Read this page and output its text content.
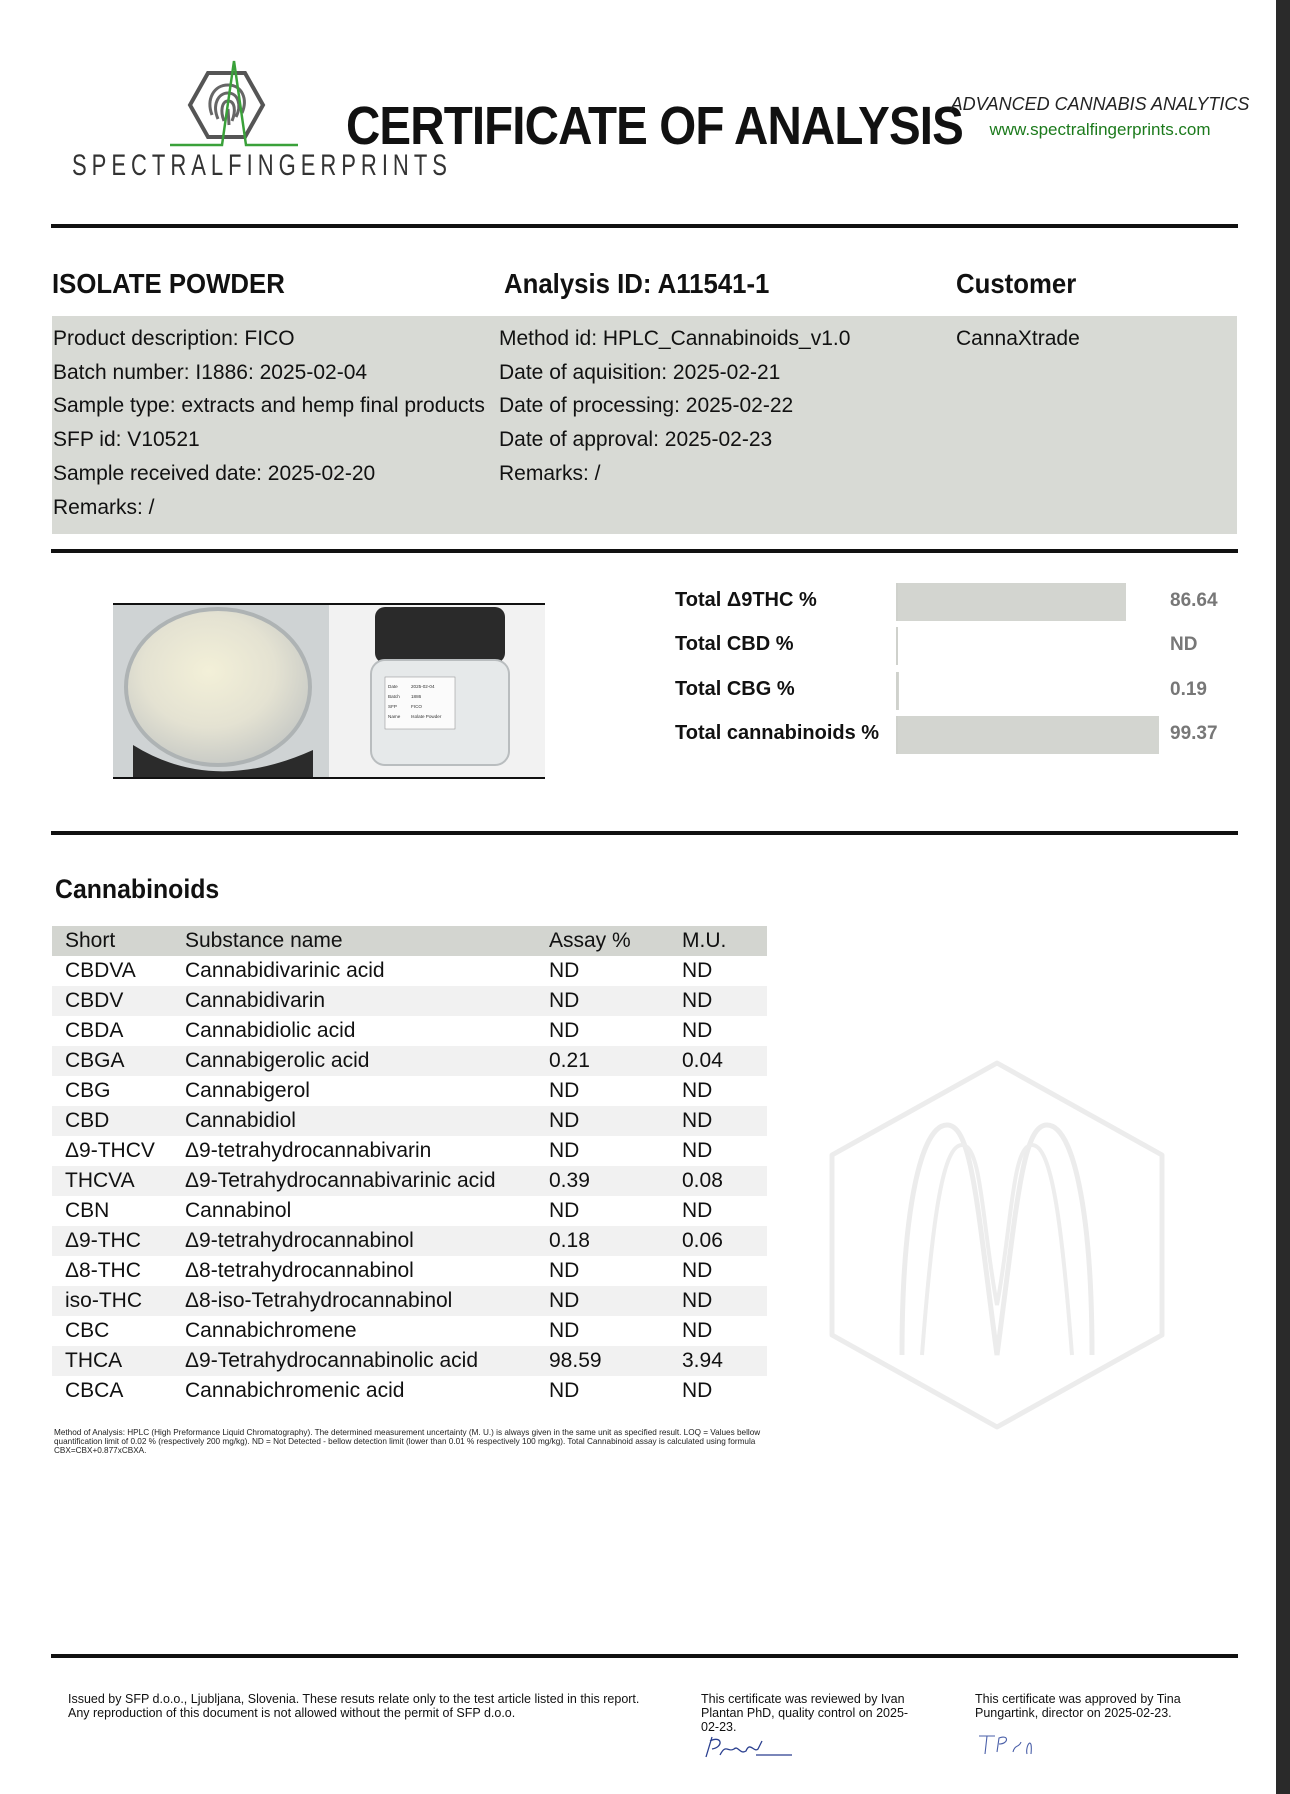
SPECTRALFINGERPRINTS
CERTIFICATE OF ANALYSIS
ADVANCED CANNABIS ANALYTICS
www.spectralfingerprints.com
ISOLATE POWDER	Analysis ID: A11541-1	Customer
Product description: FICO
Batch number: I1886: 2025-02-04
Sample type: extracts and hemp final products
SFP id: V10521
Sample received date: 2025-02-20
Remarks: /
Method id: HPLC_Cannabinoids_v1.0
Date of aquisition: 2025-02-21
Date of processing: 2025-02-22
Date of approval: 2025-02-23
Remarks: /
CannaXtrade
Date	2025-02-04
Batch 1886
SFP	FICO
Name Isolate Powder
Total Δ9THC %	86.64
Total CBD %	ND
Total CBG %	0.19
Total cannabinoids %	99.37
Cannabinoids
Short	Substance name	Assay %	M.U.
CBDVA	Cannabidivarinic acid	ND	ND
CBDV	Cannabidivarin	ND	ND
CBDA	Cannabidiolic acid	ND	ND
CBGA	Cannabigerolic acid	0.21	0.04
CBG	Cannabigerol	ND	ND
CBD	Cannabidiol	ND	ND
Δ9-THCV	Δ9-tetrahydrocannabivarin	ND	ND
THCVA	Δ9-Tetrahydrocannabivarinic acid	0.39	0.08
CBN	Cannabinol	ND	ND
Δ9-THC	Δ9-tetrahydrocannabinol	0.18	0.06
Δ8-THC	Δ8-tetrahydrocannabinol	ND	ND
iso-THC	Δ8-iso-Tetrahydrocannabinol	ND	ND
CBC	Cannabichromene	ND	ND
THCA	Δ9-Tetrahydrocannabinolic acid	98.59	3.94
CBCA	Cannabichromenic acid	ND	ND
Method of Analysis: HPLC (High Preformance Liquid Chromatography). The determined measurement uncertainty (M. U.) is always given in the same unit as specified result. LOQ = Values bellow quantification limit of 0.02 % (respectively 200 mg/kg). ND = Not Detected - bellow detection limit (lower than 0.01 % respectively 100 mg/kg). Total Cannabinoid assay is calculated using formula CBX=CBX+0.877xCBXA.
Issued by SFP d.o.o., Ljubljana, Slovenia. These resuts relate only to the test article listed in this report. Any reproduction of this document is not allowed without the permit of SFP d.o.o.
This certificate was reviewed by Ivan Plantan PhD, quality control on 2025-02-23.
This certificate was approved by Tina Pungartink, director on 2025-02-23.
